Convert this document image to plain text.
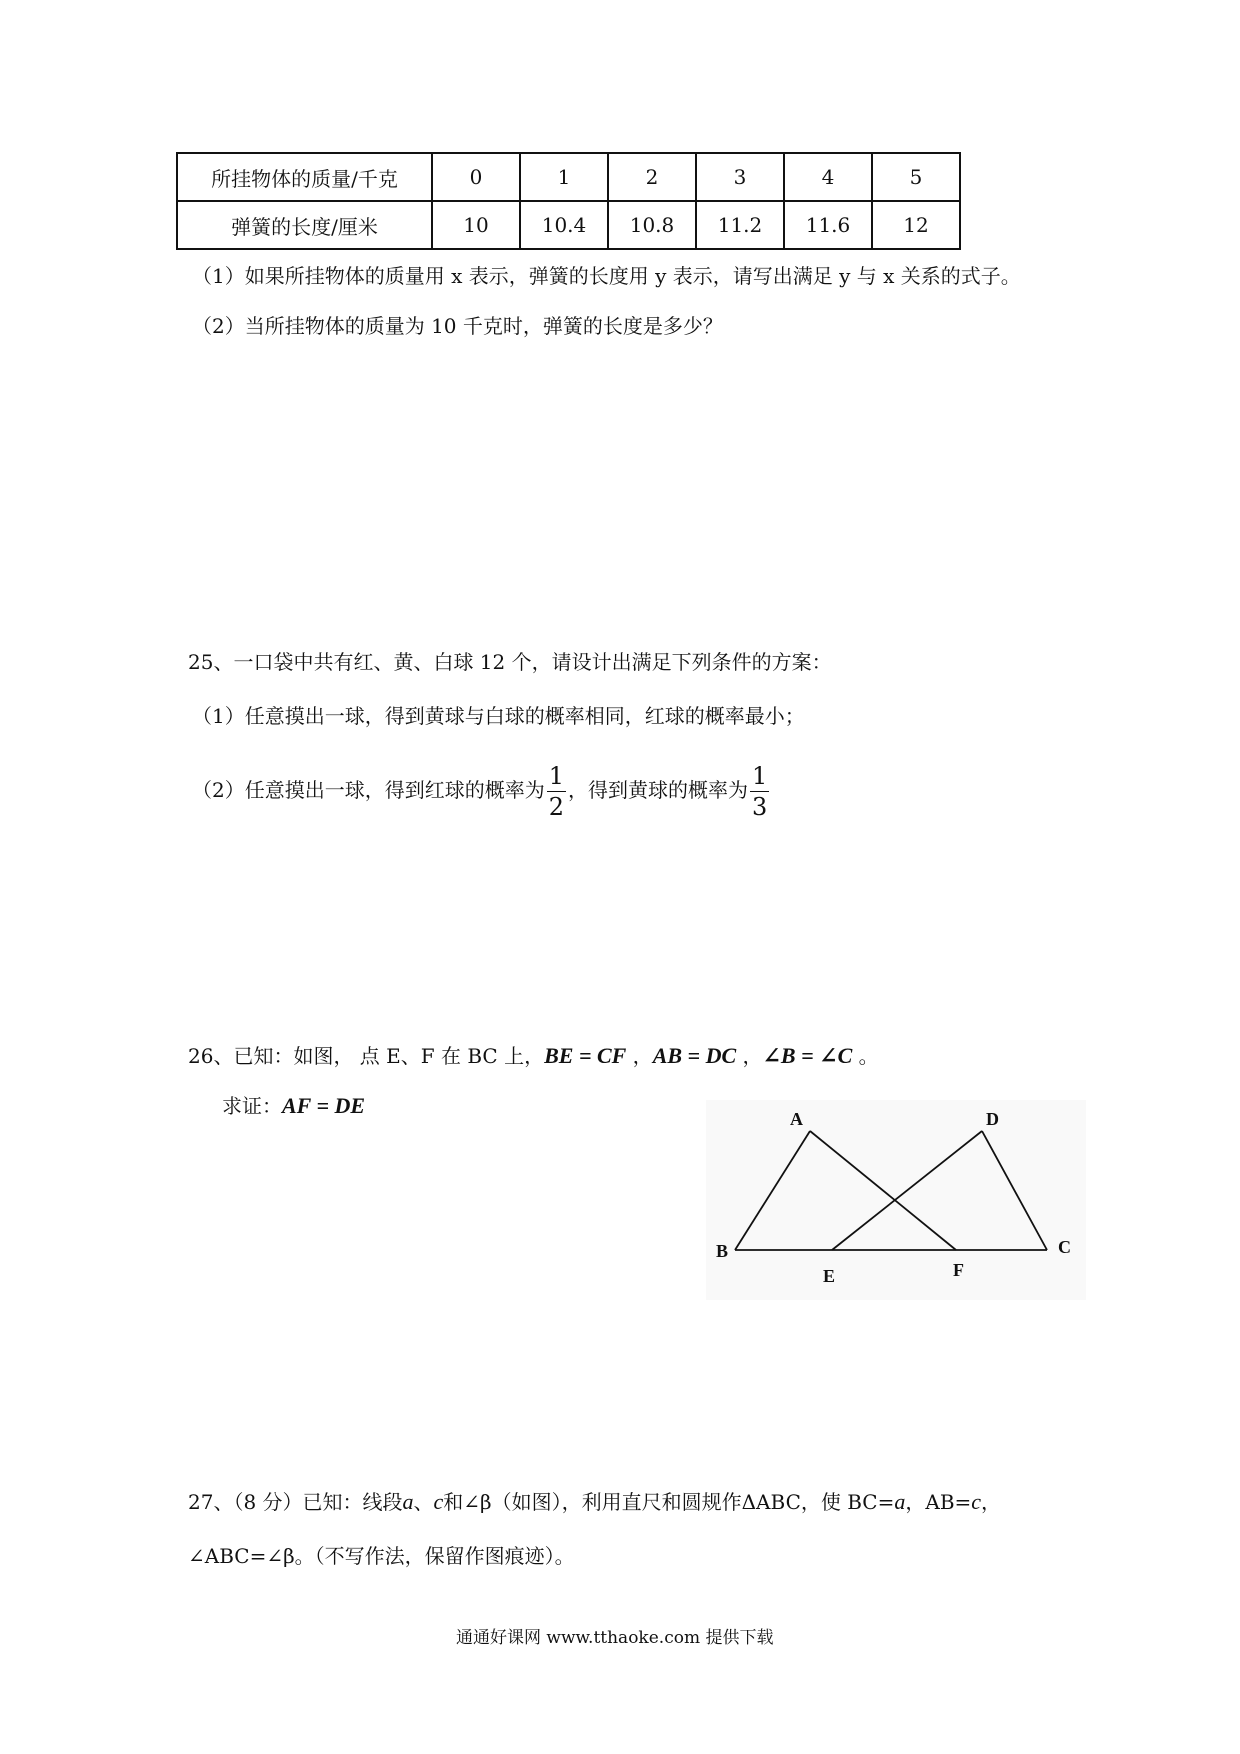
所挂物体的质量/千克	0	1	2	3	4	5
弹簧的长度/厘米	10	10.4	10.8	11.2	11.6	12
（1）如果所挂物体的质量用 x 表示，弹簧的长度用 y 表示，请写出满足 y 与 x 关系的式子。
（2）当所挂物体的质量为 10 千克时，弹簧的长度是多少？
25、一口袋中共有红、黄、白球 12 个，请设计出满足下列条件的方案：
（1）任意摸出一球，得到黄球与白球的概率相同，红球的概率最小；
（2）任意摸出一球，得到红球的概率为 $\frac{1}{2}$ ，得到黄球的概率为 $\frac{1}{3}$
26、已知：如图， 点 E、F 在 BC 上，BE = CF ，AB = DC ，∠B = ∠C 。
求证：AF = DE
A	D
B	C
E	F
27、（8 分）已知：线段a、c和∠β（如图），利用直尺和圆规作ΔABC，使 BC=a，AB=c，
∠ABC=∠β。（不写作法，保留作图痕迹）。
通通好课网 www.tthaoke.com 提供下载
